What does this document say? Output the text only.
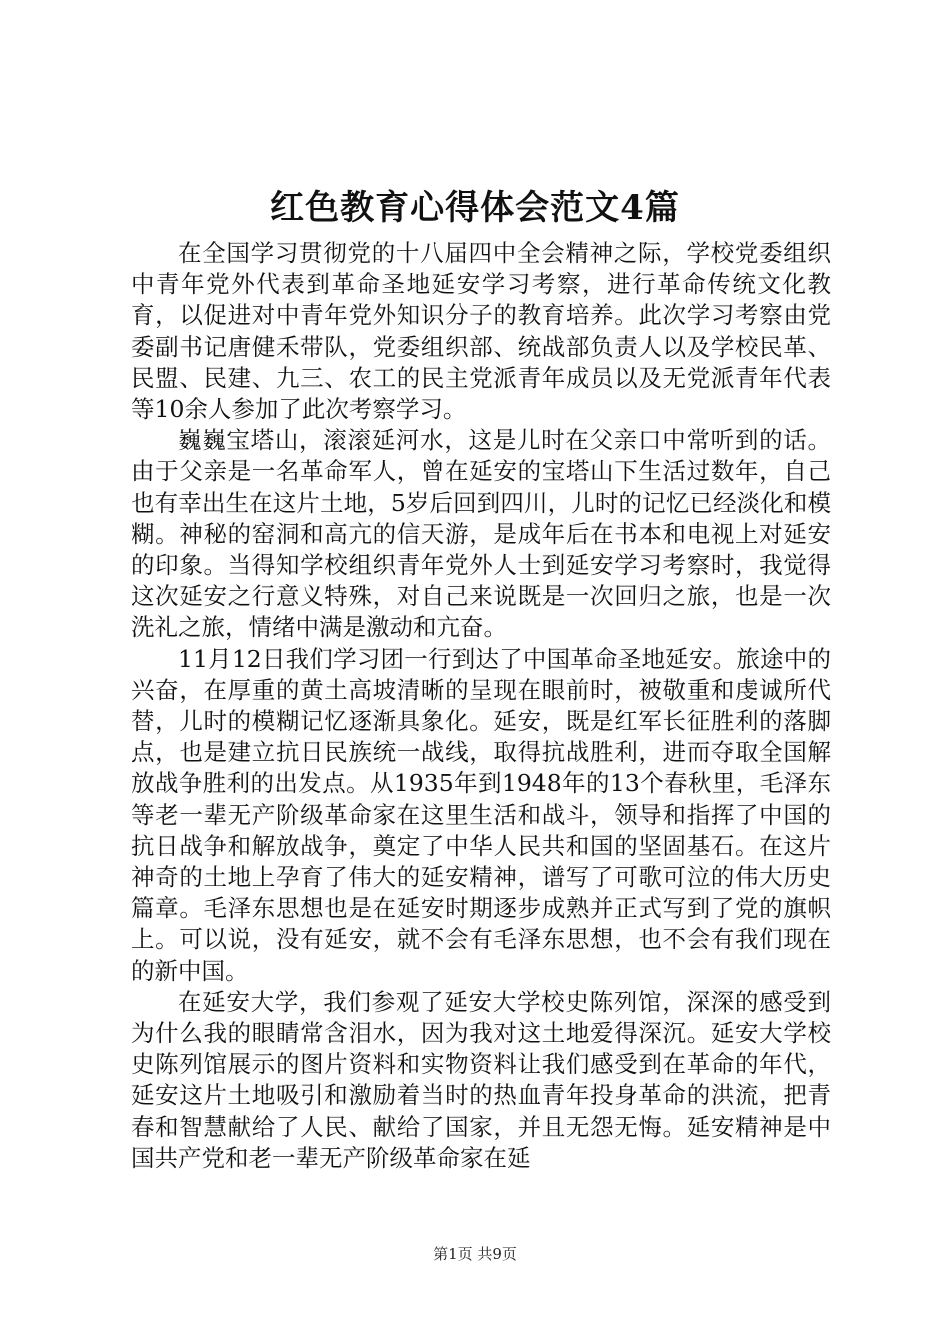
红色教育心得体会范文4篇

在全国学习贯彻党的十八届四中全会精神之际，学校党委组织中青年党外代表到革命圣地延安学习考察，进行革命传统文化教育，以促进对中青年党外知识分子的教育培养。此次学习考察由党委副书记唐健禾带队，党委组织部、统战部负责人以及学校民革、民盟、民建、九三、农工的民主党派青年成员以及无党派青年代表等10余人参加了此次考察学习。

巍巍宝塔山，滚滚延河水，这是儿时在父亲口中常听到的话。由于父亲是一名革命军人，曾在延安的宝塔山下生活过数年，自己也有幸出生在这片土地，5岁后回到四川，儿时的记忆已经淡化和模糊。神秘的窑洞和高亢的信天游，是成年后在书本和电视上对延安的印象。当得知学校组织青年党外人士到延安学习考察时，我觉得这次延安之行意义特殊，对自己来说既是一次回归之旅，也是一次洗礼之旅，情绪中满是激动和亢奋。

11月12日我们学习团一行到达了中国革命圣地延安。旅途中的兴奋，在厚重的黄土高坡清晰的呈现在眼前时，被敬重和虔诚所代替，儿时的模糊记忆逐渐具象化。延安，既是红军长征胜利的落脚点，也是建立抗日民族统一战线，取得抗战胜利，进而夺取全国解放战争胜利的出发点。从1935年到1948年的13个春秋里，毛泽东等老一辈无产阶级革命家在这里生活和战斗，领导和指挥了中国的抗日战争和解放战争，奠定了中华人民共和国的坚固基石。在这片神奇的土地上孕育了伟大的延安精神，谱写了可歌可泣的伟大历史篇章。毛泽东思想也是在延安时期逐步成熟并正式写到了党的旗帜上。可以说，没有延安，就不会有毛泽东思想，也不会有我们现在的新中国。

在延安大学，我们参观了延安大学校史陈列馆，深深的感受到为什么我的眼睛常含泪水，因为我对这土地爱得深沉。延安大学校史陈列馆展示的图片资料和实物资料让我们感受到在革命的年代，延安这片土地吸引和激励着当时的热血青年投身革命的洪流，把青春和智慧献给了人民、献给了国家，并且无怨无悔。延安精神是中国共产党和老一辈无产阶级革命家在延

第1页 共9页
